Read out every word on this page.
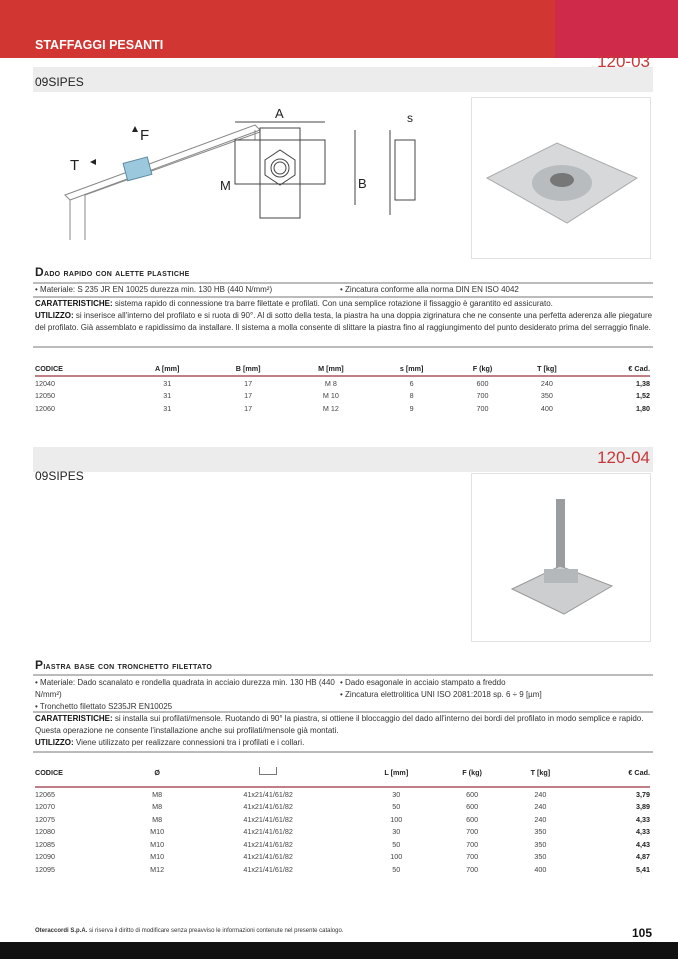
STAFFAGGI PESANTI
120-03
09SIPES
F
T
A
M	B
s
Dado rapido con alette plastiche
• Materiale: S 235 JR EN 10025 durezza min. 130 HB (440 N/mm²)	• Zincatura conforme alla norma DIN EN ISO 4042
CARATTERISTICHE: sistema rapido di connessione tra barre filettate e profilati. Con una semplice rotazione il fissaggio è garantito ed assicurato.
UTILIZZO: si inserisce all'interno del profilato e si ruota di 90°. Al di sotto della testa, la piastra ha una doppia zigrinatura che ne consente una perfetta aderenza alle piegature del profilato. Già assemblato e rapidissimo da installare. Il sistema a molla consente di slittare la piastra fino al raggiungimento del punto desiderato prima del serraggio finale.
CODICE	A [mm]	B [mm]	M [mm]	s [mm]	F (kg)	T [kg]	€ Cad.
12040	31	17	M 8	6	600	240	1,38
12050	31	17	M 10	8	700	350	1,52
12060	31	17	M 12	9	700	400	1,80
120-04
09SIPES
Piastra base con tronchetto filettato
• Materiale: Dado scanalato e rondella quadrata in acciaio durezza min. 130 HB (440 N/mm²)
• Tronchetto filettato S235JR EN10025
• Dado esagonale in acciaio stampato a freddo
• Zincatura elettrolitica UNI ISO 2081:2018 sp. 6 ÷ 9 [µm]
CARATTERISTICHE: si installa sui profilati/mensole. Ruotando di 90° la piastra, si ottiene il bloccaggio del dado all'interno dei bordi del profilato in modo semplice e rapido. Questa operazione ne consente l'installazione anche sui profilati/mensole già montati.
UTILIZZO: Viene utilizzato per realizzare connessioni tra i profilati e i collari.
CODICE	Ø		L [mm]	F (kg)	T [kg]	€ Cad.
12065	M8	41x21/41/61/82	30	600	240	3,79
12070	M8	41x21/41/61/82	50	600	240	3,89
12075	M8	41x21/41/61/82	100	600	240	4,33
12080	M10	41x21/41/61/82	30	700	350	4,33
12085	M10	41x21/41/61/82	50	700	350	4,43
12090	M10	41x21/41/61/82	100	700	350	4,87
12095	M12	41x21/41/61/82	50	700	400	5,41
Oteraccordi S.p.A. si riserva il diritto di modificare senza preavviso le informazioni contenute nel presente catalogo.	105
